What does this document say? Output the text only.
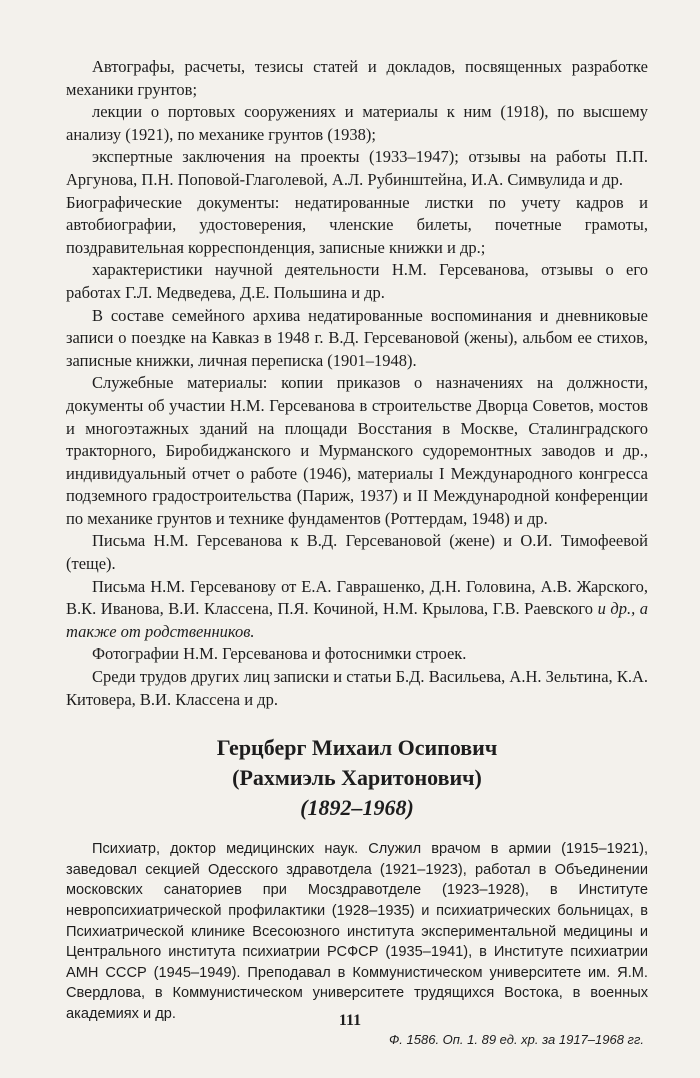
Автографы, расчеты, тезисы статей и докладов, посвященных разработке механики грунтов;

лекции о портовых сооружениях и материалы к ним (1918), по высшему анализу (1921), по механике грунтов (1938);

экспертные заключения на проекты (1933–1947); отзывы на работы П.П. Аргунова, П.Н. Поповой-Глаголевой, А.Л. Рубинштейна, И.А. Симвулида и др.

Биографические документы: недатированные листки по учету кадров и автобиографии, удостоверения, членские билеты, почетные грамоты, поздравительная корреспонденция, записные книжки и др.;

характеристики научной деятельности Н.М. Герсеванова, отзывы о его работах Г.Л. Медведева, Д.Е. Польшина и др.

В составе семейного архива недатированные воспоминания и дневниковые записи о поездке на Кавказ в 1948 г. В.Д. Герсевановой (жены), альбом ее стихов, записные книжки, личная переписка (1901–1948).

Служебные материалы: копии приказов о назначениях на должности, документы об участии Н.М. Герсеванова в строительстве Дворца Советов, мостов и многоэтажных зданий на площади Восстания в Москве, Сталинградского тракторного, Биробиджанского и Мурманского судоремонтных заводов и др., индивидуальный отчет о работе (1946), материалы I Международного конгресса подземного градостроительства (Париж, 1937) и II Международной конференции по механике грунтов и технике фундаментов (Роттердам, 1948) и др.

Письма Н.М. Герсеванова к В.Д. Герсевановой (жене) и О.И. Тимофеевой (теще).

Письма Н.М. Герсеванову от Е.А. Гаврашенко, Д.Н. Головина, А.В. Жарского, В.К. Иванова, В.И. Классена, П.Я. Кочиной, Н.М. Крылова, Г.В. Раевского и др., а также от родственников.

Фотографии Н.М. Герсеванова и фотоснимки строек.

Среди трудов других лиц записки и статьи Б.Д. Васильева, А.Н. Зельтина, К.А. Китовера, В.И. Классена и др.

Герцберг Михаил Осипович
(Рахмиэль Харитонович)
(1892–1968)
Психиатр, доктор медицинских наук. Служил врачом в армии (1915–1921), заведовал секцией Одесского здравотдела (1921–1923), работал в Объединении московских санаториев при Мосздравотделе (1923–1928), в Институте невропсихиатрической профилактики (1928–1935) и психиатрических больницах, в Психиатрической клинике Всесоюзного института экспериментальной медицины и Центрального института психиатрии РСФСР (1935–1941), в Институте психиатрии АМН СССР (1945–1949). Преподавал в Коммунистическом университете им. Я.М. Свердлова, в Коммунистическом университете трудящихся Востока, в военных академиях и др.
Ф. 1586. Оп. 1. 89 ед. хр. за 1917–1968 гг.
111
